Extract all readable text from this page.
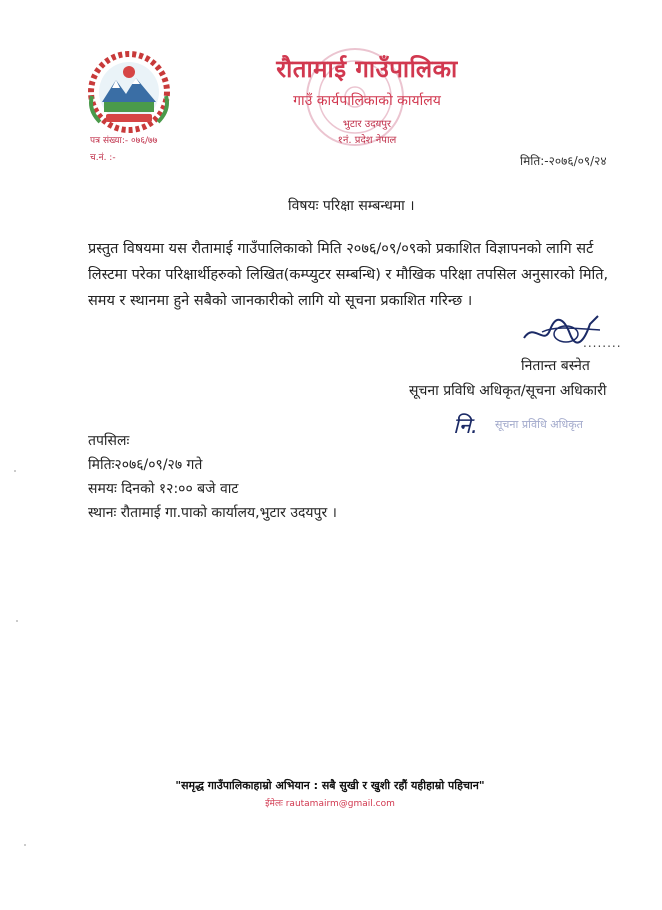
पत्र संख्या:- ०७६/७७
च.नं. :-
रौतामाई गाउँपालिका
गाउँ कार्यपालिकाको कार्यालय
भुटार उदयपुर
१नं. प्रदेश नेपाल
मिति:-२०७६/०९/२४
विषयः परिक्षा सम्बन्धमा ।
प्रस्तुत विषयमा यस रौतामाई गाउँपालिकाको मिति २०७६/०९/०९को प्रकाशित विज्ञापनको लागि सर्ट लिस्टमा परेका परिक्षार्थीहरुको लिखित(कम्प्युटर सम्बन्धि) र मौखिक परिक्षा तपसिल अनुसारको मिति, समय र स्थानमा हुने सबैको जानकारीको लागि यो सूचना प्रकाशित गरिन्छ ।
........
नितान्त बस्नेत
सूचना प्रविधि अधिकृत/सूचना अधिकारी
नि. सूचना प्रविधि अधिकृत
तपसिलः
मितिः२०७६/०९/२७ गते
समयः दिनको १२:०० बजे वाट
स्थानः रौतामाई गा.पाको कार्यालय,भुटार उदयपुर ।
"समृद्ध गाउँपालिकाहाम्रो अभियान : सबै सुखी र खुशी रहौं यहीहाम्रो पहिचान"
ईमेलः rautamairm@gmail.com
